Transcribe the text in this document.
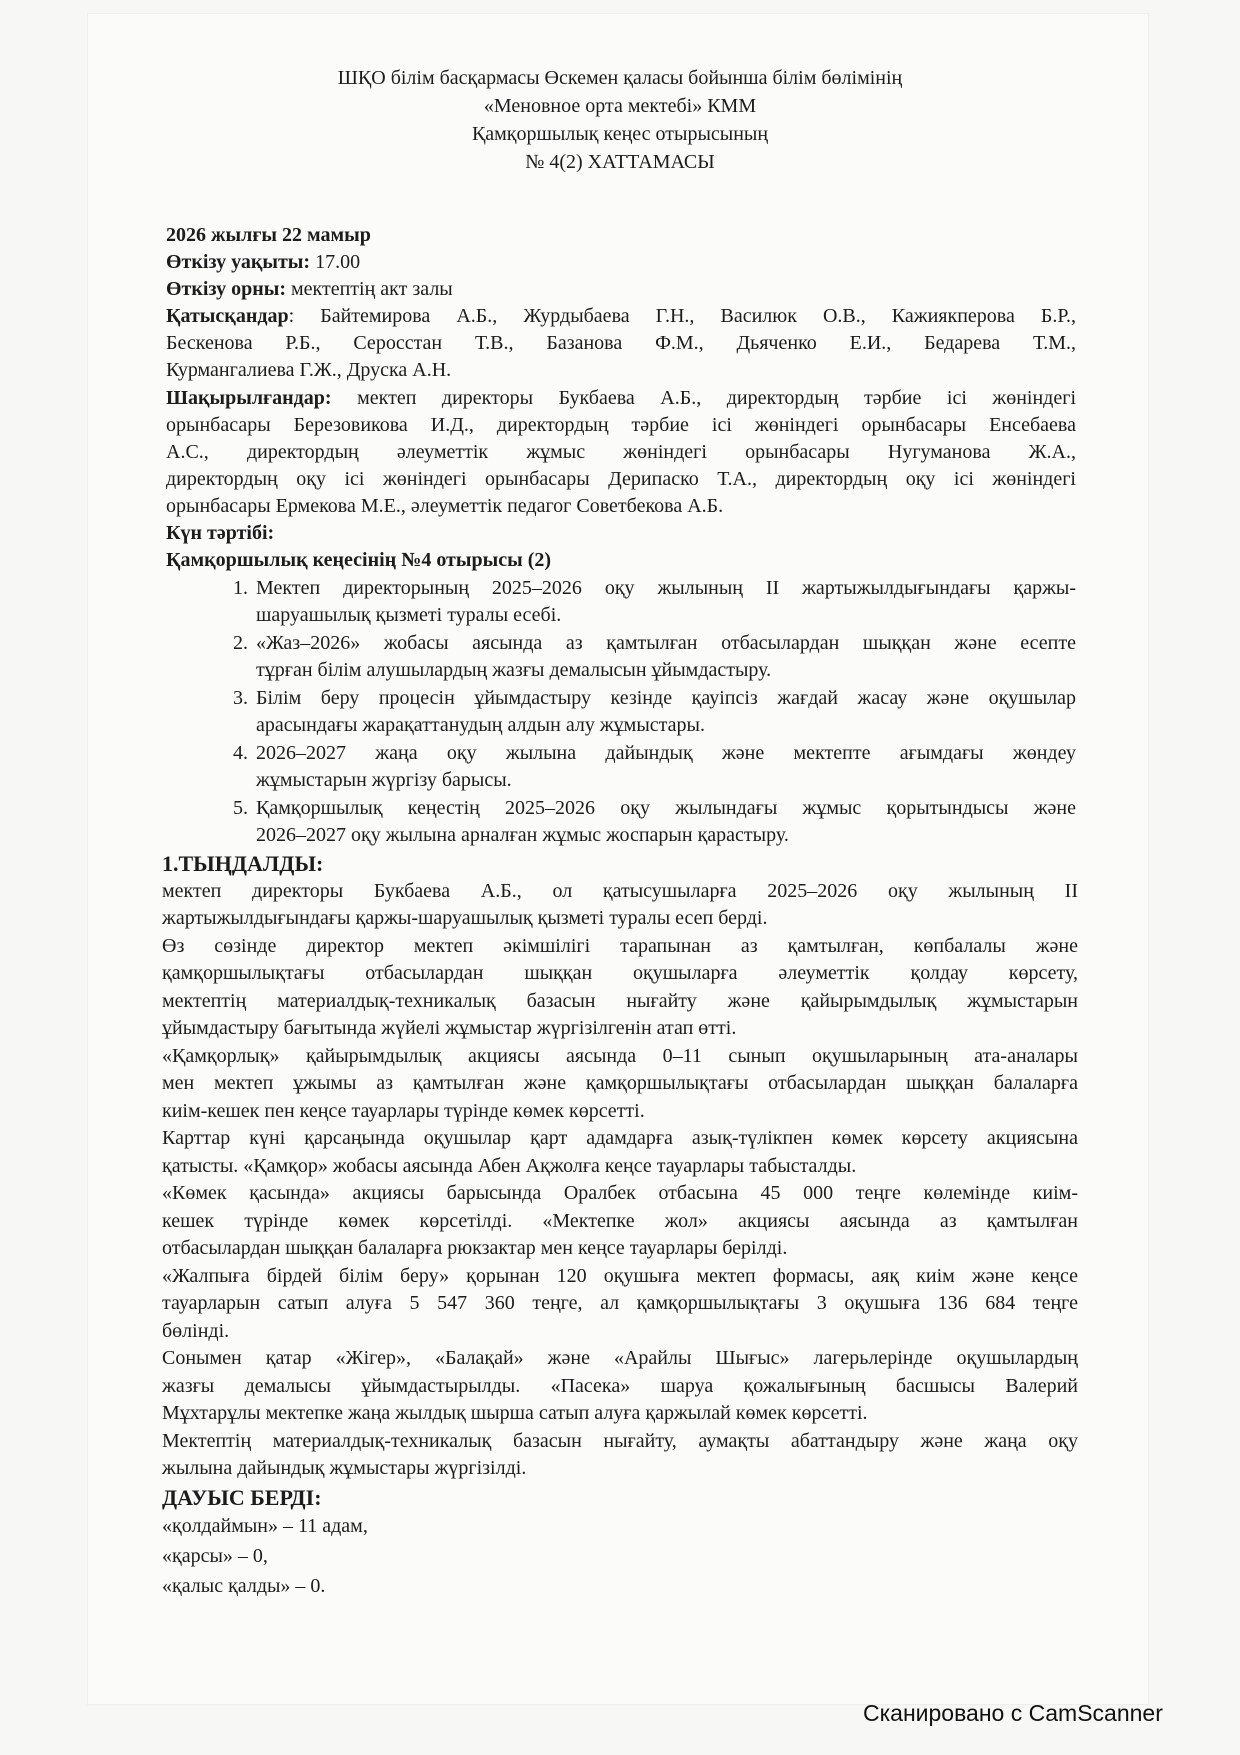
ШҚО білім басқармасы Өскемен қаласы бойынша білім бөлімінің
«Меновное орта мектебі» КММ
Қамқоршылық кеңес отырысының
№ 4(2) ХАТТАМАСЫ
2026 жылғы 22 мамыр
Өткізу уақыты: 17.00
Өткізу орны: мектептің акт залы
Қатысқандар: Байтемирова А.Б., Журдыбаева Г.Н., Василюк О.В., Кажиякперова Б.Р.,
Бескенова Р.Б., Серoccтан Т.В., Базанова Ф.М., Дьяченко Е.И., Бедарева Т.М.,
Курмангалиева Г.Ж., Друска А.Н.
Шақырылғандар: мектеп директоры Букбаева А.Б., директордың тәрбие ісі жөніндегі
орынбасары Березовикова И.Д., директордың тәрбие ісі жөніндегі орынбасары Енсебаева
А.С., директордың әлеуметтік жұмыс жөніндегі орынбасары Нугуманова Ж.А.,
директордың оқу ісі жөніндегі орынбасары Дерипаско Т.А., директордың оқу ісі жөніндегі
орынбасары Ермекова М.Е., әлеуметтік педагог Советбекова А.Б.
Күн тәртібі:
Қамқоршылық кеңесінің №4 отырысы (2)
1. Мектеп директорының 2025–2026 оқу жылының II жартыжылдығындағы қаржы-
шаруашылық қызметі туралы есебі.
2. «Жаз–2026» жобасы аясында аз қамтылған отбасылардан шыққан және есепте
тұрған білім алушылардың жазғы демалысын ұйымдастыру.
3. Білім беру процесін ұйымдастыру кезінде қауіпсіз жағдай жасау және оқушылар
арасындағы жарақаттанудың алдын алу жұмыстары.
4. 2026–2027 жаңа оқу жылына дайындық және мектепте ағымдағы жөндеу
жұмыстарын жүргізу барысы.
5. Қамқоршылық кеңестің 2025–2026 оқу жылындағы жұмыс қорытындысы және
2026–2027 оқу жылына арналған жұмыс жоспарын қарастыру.
1.ТЫҢДАЛДЫ:
мектеп директоры Букбаева А.Б., ол қатысушыларға 2025–2026 оқу жылының II
жартыжылдығындағы қаржы-шаруашылық қызметі туралы есеп берді.
Өз сөзінде директор мектеп әкімшілігі тарапынан аз қамтылған, көпбалалы және
қамқоршылықтағы отбасылардан шыққан оқушыларға әлеуметтік қолдау көрсету,
мектептің материалдық-техникалық базасын нығайту және қайырымдылық жұмыстарын
ұйымдастыру бағытында жүйелі жұмыстар жүргізілгенін атап өтті.
«Қамқорлық» қайырымдылық акциясы аясында 0–11 сынып оқушыларының ата-аналары
мен мектеп ұжымы аз қамтылған және қамқоршылықтағы отбасылардан шыққан балаларға
киім-кешек пен кеңсе тауарлары түрінде көмек көрсетті.
Карттар күні қарсаңында оқушылар қарт адамдарға азық-түлікпен көмек көрсету акциясына
қатысты. «Қамқор» жобасы аясында Абен Ақжолға кеңсе тауарлары табысталды.
«Көмек қасында» акциясы барысында Оралбек отбасына 45 000 теңге көлемінде киім-
кешек түрінде көмек көрсетілді. «Мектепке жол» акциясы аясында аз қамтылған
отбасылардан шыққан балаларға рюкзактар мен кеңсе тауарлары берілді.
«Жалпыға бірдей білім беру» қорынан 120 оқушыға мектеп формасы, аяқ киім және кеңсе
тауарларын сатып алуға 5 547 360 теңге, ал қамқоршылықтағы 3 оқушыға 136 684 теңге
бөлінді.
Сонымен қатар «Жігер», «Балақай» және «Арайлы Шығыс» лагерьлерінде оқушылардың
жазғы демалысы ұйымдастырылды. «Пасека» шаруа қожалығының басшысы Валерий
Мұхтарұлы мектепке жаңа жылдық шырша сатып алуға қаржылай көмек көрсетті.
Мектептің материалдық-техникалық базасын нығайту, аумақты абаттандыру және жаңа оқу
жылына дайындық жұмыстары жүргізілді.
ДАУЫС БЕРДІ:
«қолдаймын» – 11 адам,
«қарсы» – 0,
«қалыс қалды» – 0.
Сканировано с CamScanner
